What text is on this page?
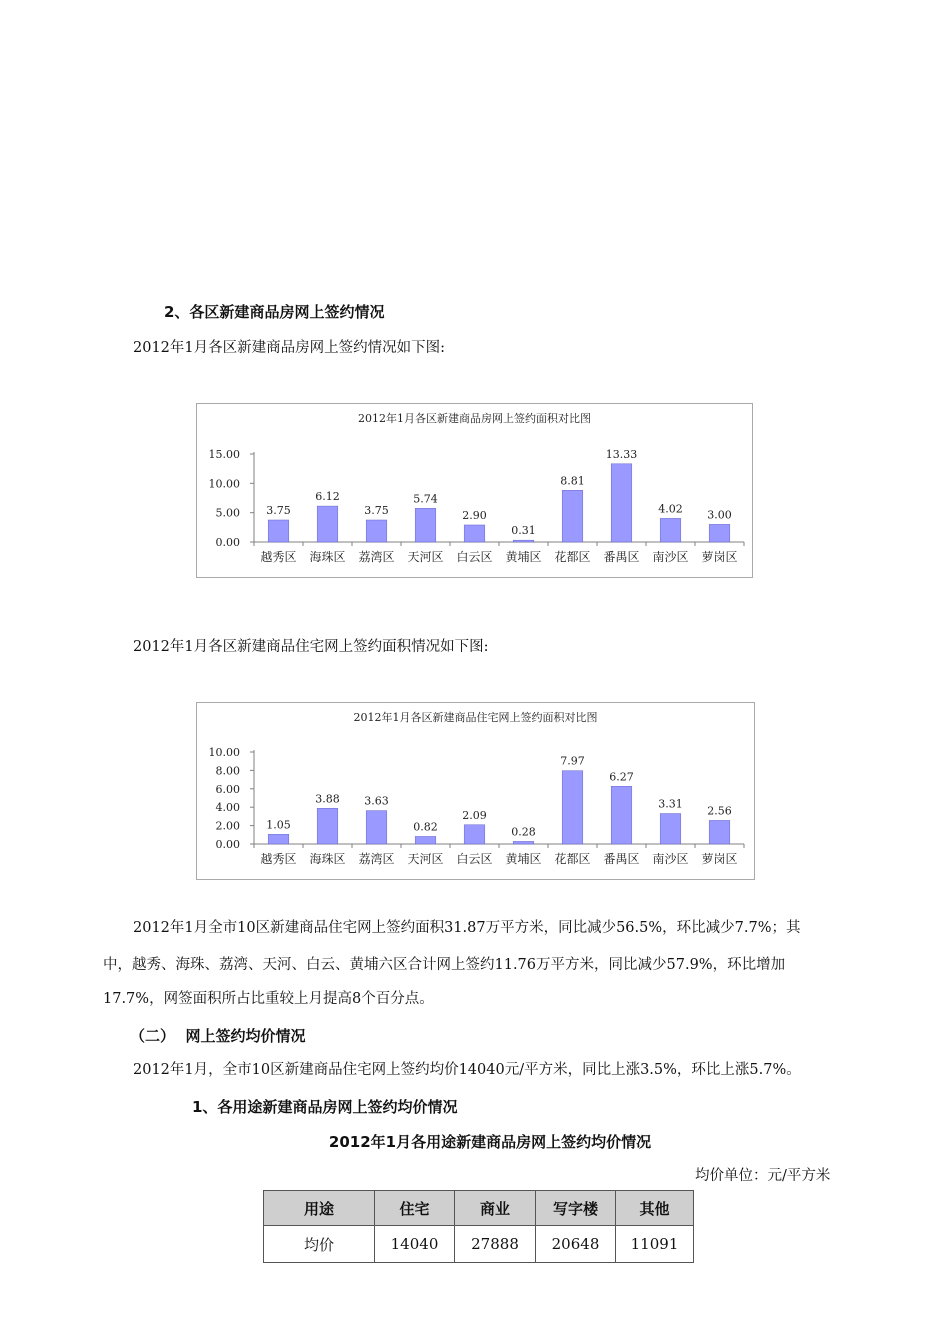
2、各区新建商品房网上签约情况
2012年1月各区新建商品房网上签约情况如下图:
2012年1月各区新建商品房网上签约面积对比图
0.00
5.00
10.00
15.00
3.75
越秀区
6.12
海珠区
3.75
荔湾区
5.74
天河区
2.90
白云区
0.31
黄埔区
8.81
花都区
13.33
番禺区
4.02
南沙区
3.00
萝岗区
2012年1月各区新建商品住宅网上签约面积情况如下图:
2012年1月各区新建商品住宅网上签约面积对比图
0.00
2.00
4.00
6.00
8.00
10.00
1.05
越秀区
3.88
海珠区
3.63
荔湾区
0.82
天河区
2.09
白云区
0.28
黄埔区
7.97
花都区
6.27
番禺区
3.31
南沙区
2.56
萝岗区
2012年1月全市10区新建商品住宅网上签约面积31.87万平方米，同比减少56.5%，环比减少7.7%；其
中，越秀、海珠、荔湾、天河、白云、黄埔六区合计网上签约11.76万平方米，同比减少57.9%，环比增加
17.7%，网签面积所占比重较上月提高8个百分点。
（二）  网上签约均价情况
2012年1月，全市10区新建商品住宅网上签约均价14040元/平方米，同比上涨3.5%，环比上涨5.7%。
1、各用途新建商品房网上签约均价情况
2012年1月各用途新建商品房网上签约均价情况
均价单位：元/平方米
用途	住宅	商业	写字楼	其他
均价	14040	27888	20648	11091
